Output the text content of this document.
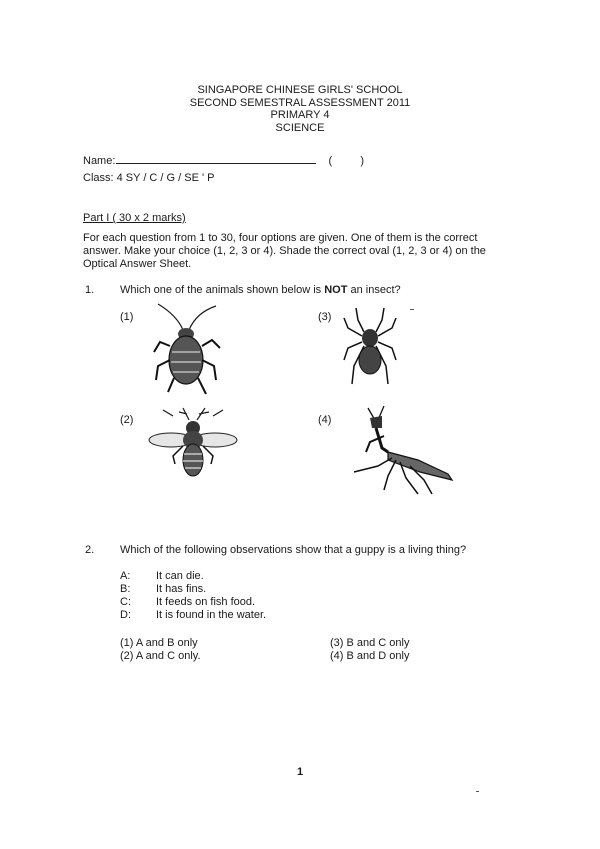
SINGAPORE CHINESE GIRLS' SCHOOL
SECOND SEMESTRAL ASSESSMENT 2011
PRIMARY 4
SCIENCE
Name:	(	)
Class: 4 SY / C / G / SE ' P
Part I ( 30 x 2 marks)
For each question from 1 to 30, four options are given. One of them is the correct answer. Make your choice (1, 2, 3 or 4). Shade the correct oval (1, 2, 3 or 4) on the Optical Answer Sheet.
1. Which one of the animals shown below is NOT an insect?
(1)	(3)
(2)	(4)
2. Which of the following observations show that a guppy is a living thing?
A: It can die.
B: It has fins.
C: It feeds on fish food.
D: It is found in the water.
(1) A and B only
(2) A and C only.
(3) B and C only
(4) B and D only
1
